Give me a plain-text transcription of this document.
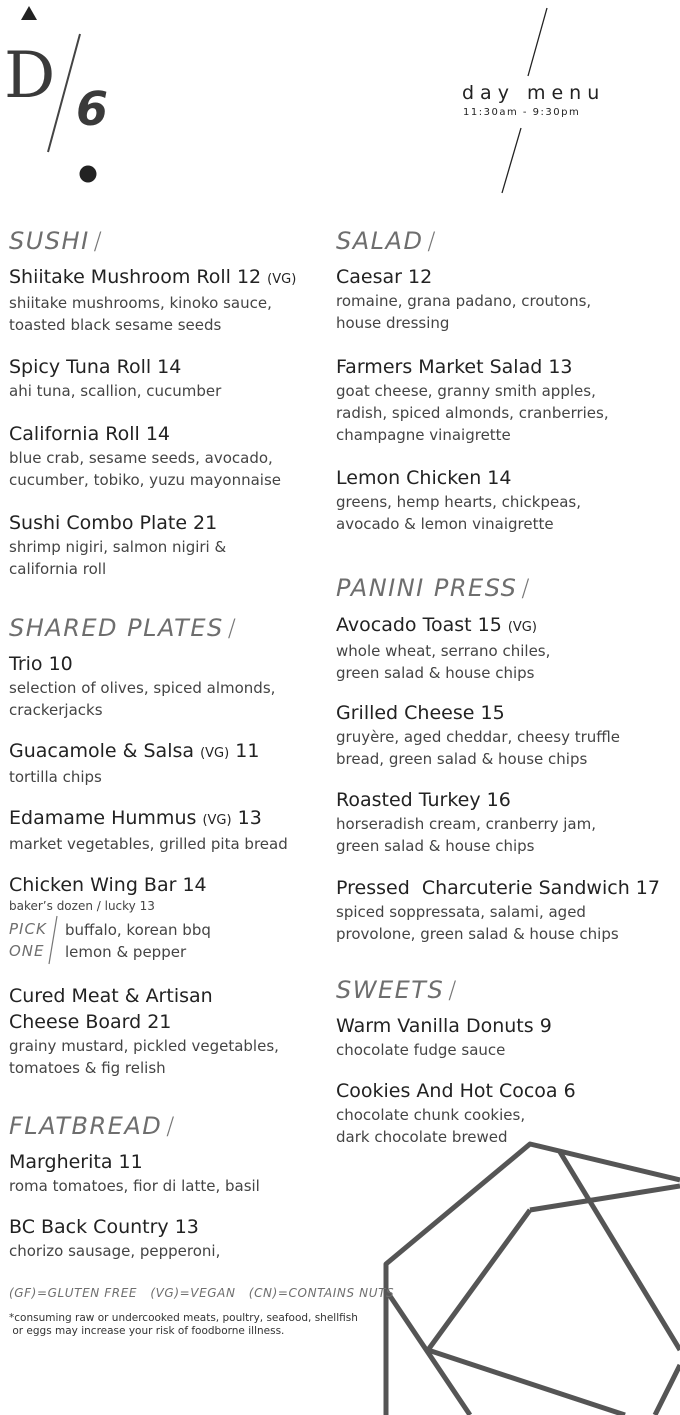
D 6	day menu
11:30am - 9:30pm
SUSHI /
Shiitake Mushroom Roll 12 (VG)
shiitake mushrooms, kinoko sauce,
toasted black sesame seeds
Spicy Tuna Roll 14
ahi tuna, scallion, cucumber
California Roll 14
blue crab, sesame seeds, avocado,
cucumber, tobiko, yuzu mayonnaise
Sushi Combo Plate 21
shrimp nigiri, salmon nigiri &
california roll
SHARED PLATES /
Trio 10
selection of olives, spiced almonds,
crackerjacks
Guacamole & Salsa (VG) 11
tortilla chips
Edamame Hummus (VG) 13
market vegetables, grilled pita bread
Chicken Wing Bar 14
baker’s dozen / lucky 13
PICK
ONE
buffalo, korean bbq
lemon & pepper
Cured Meat & Artisan
Cheese Board 21
grainy mustard, pickled vegetables,
tomatoes & fig relish
FLATBREAD /
Margherita 11
roma tomatoes, fior di latte, basil
BC Back Country 13
chorizo sausage, pepperoni,
SALAD /
Caesar 12
romaine, grana padano, croutons,
house dressing
Farmers Market Salad 13
goat cheese, granny smith apples,
radish, spiced almonds, cranberries,
champagne vinaigrette
Lemon Chicken 14
greens, hemp hearts, chickpeas,
avocado & lemon vinaigrette
PANINI PRESS /
Avocado Toast 15 (VG)
whole wheat, serrano chiles,
green salad & house chips
Grilled Cheese 15
gruyère, aged cheddar, cheesy truffle
bread, green salad & house chips
Roasted Turkey 16
horseradish cream, cranberry jam,
green salad & house chips
Pressed  Charcuterie Sandwich 17
spiced soppressata, salami, aged
provolone, green salad & house chips
SWEETS /
Warm Vanilla Donuts 9
chocolate fudge sauce
Cookies And Hot Cocoa 6
chocolate chunk cookies,
dark chocolate brewed
(GF)=GLUTEN FREE   (VG)=VEGAN   (CN)=CONTAINS NUTS
*consuming raw or undercooked meats, poultry, seafood, shellfish
or eggs may increase your risk of foodborne illness.
